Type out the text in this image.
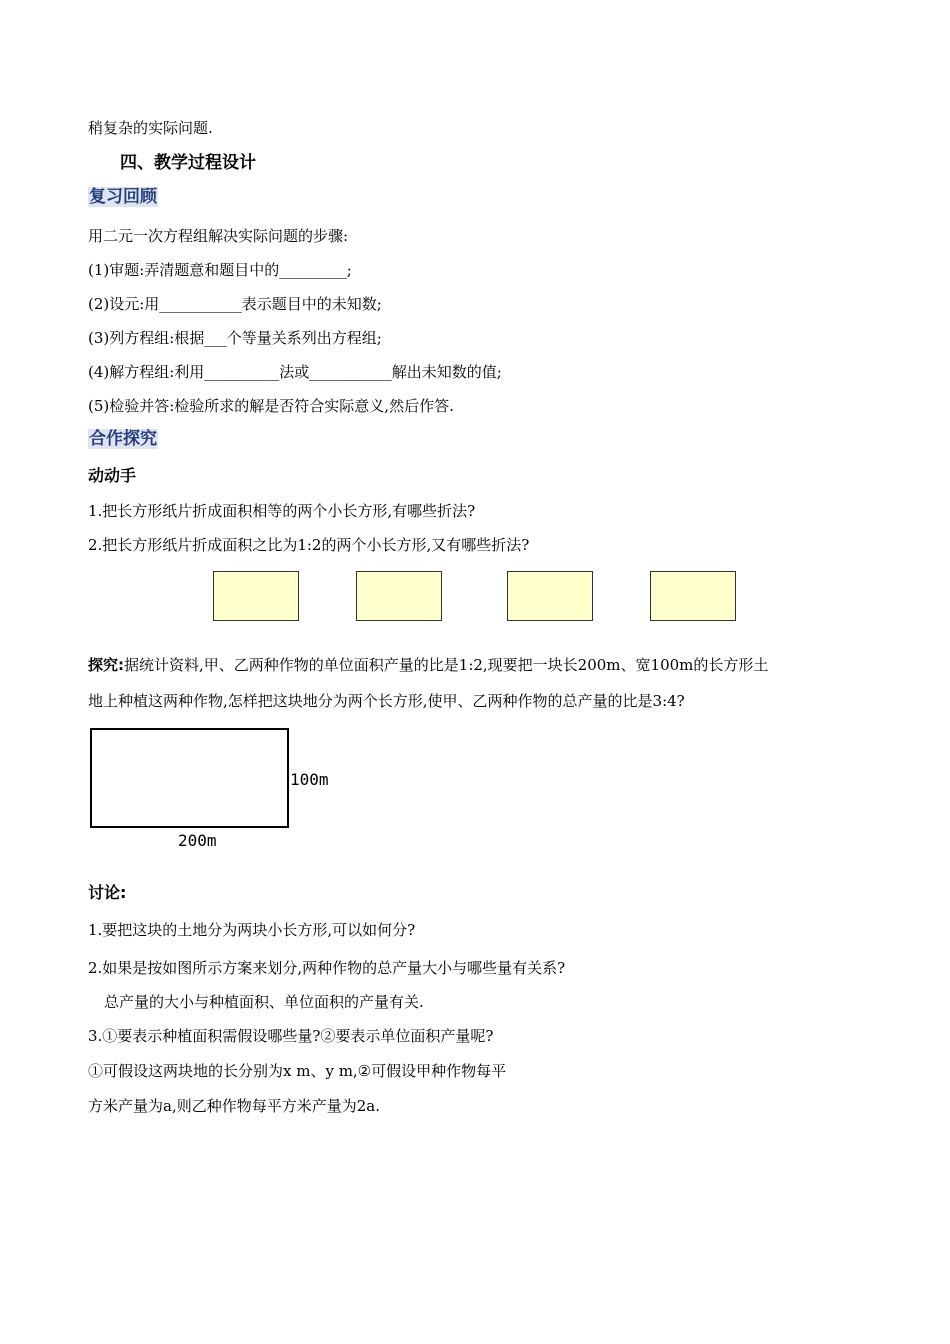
稍复杂的实际问题.
四、教学过程设计
复习回顾
用二元一次方程组解决实际问题的步骤:
(1)审题:弄清题意和题目中的_________;
(2)设元:用___________表示题目中的未知数;
(3)列方程组:根据___个等量关系列出方程组;
(4)解方程组:利用__________法或___________解出未知数的值;
(5)检验并答:检验所求的解是否符合实际意义,然后作答.
合作探究
动动手
1.把长方形纸片折成面积相等的两个小长方形,有哪些折法?
2.把长方形纸片折成面积之比为1:2的两个小长方形,又有哪些折法?
探究:据统计资料,甲、乙两种作物的单位面积产量的比是1:2,现要把一块长200m、宽100m的长方形土
地上种植这两种作物,怎样把这块地分为两个长方形,使甲、乙两种作物的总产量的比是3:4?
100m
200m
讨论:
1.要把这块的土地分为两块小长方形,可以如何分?
2.如果是按如图所示方案来划分,两种作物的总产量大小与哪些量有关系?
总产量的大小与种植面积、单位面积的产量有关.
3.①要表示种植面积需假设哪些量?②要表示单位面积产量呢?
①可假设这两块地的长分别为x m、y m,②可假设甲种作物每平
方米产量为a,则乙种作物每平方米产量为2a.
